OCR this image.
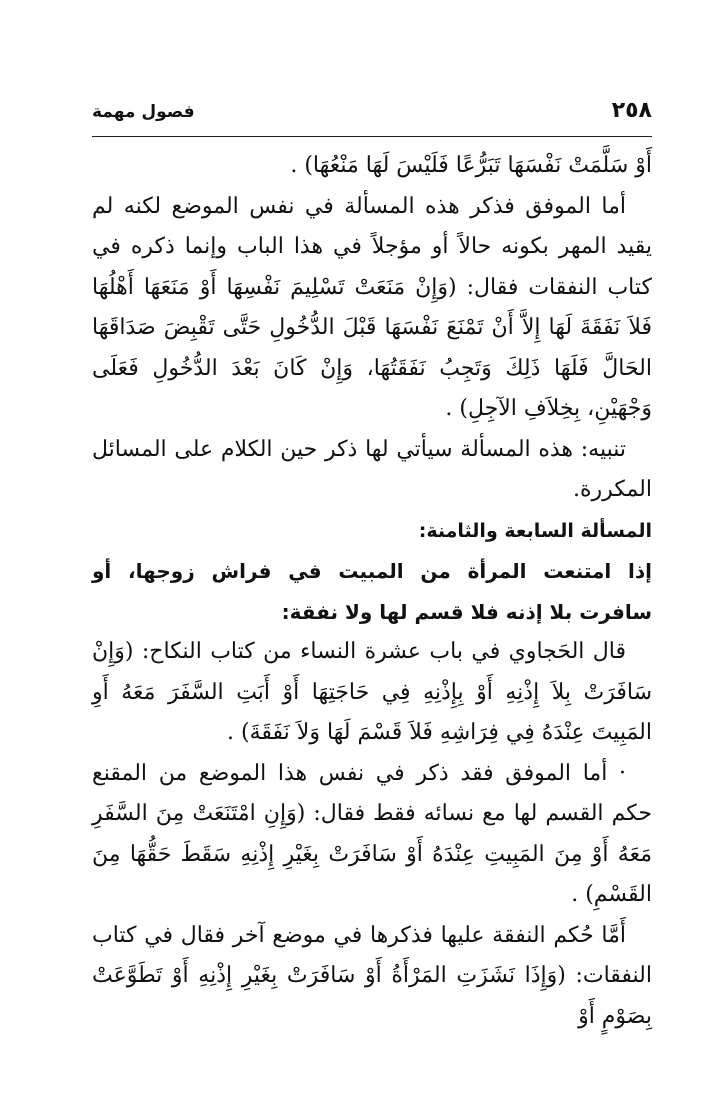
فصول مهمة	٢٥٨

أَوْ سَلَّمَتْ نَفْسَهَا تَبَرُّعًا فَلَيْسَ لَهَا مَنْعُهَا) .

أما الموفق فذكر هذه المسألة في نفس الموضع لكنه لم يقيد المهر بكونه حالاً أو مؤجلاً في هذا الباب وإنما ذكره في كتاب النفقات فقال: (وَإِنْ مَنَعَتْ تَسْلِيمَ نَفْسِهَا أَوْ مَنَعَهَا أَهْلُهَا فَلاَ نَفَقَةَ لَهَا إِلاَّ أَنْ تَمْنَعَ نَفْسَهَا قَبْلَ الدُّخُولِ حَتَّى تَقْبِضَ صَدَاقَهَا الحَالَّ فَلَهَا ذَلِكَ وَتَجِبُ نَفَقَتُهَا، وَإِنْ كَانَ بَعْدَ الدُّخُولِ فَعَلَى وَجْهَيْنِ، بِخِلاَفِ الآجِلِ) .

تنبيه: هذه المسألة سيأتي لها ذكر حين الكلام على المسائل المكررة.

المسألة السابعة والثامنة:

إذا امتنعت المرأة من المبيت في فراش زوجها، أو سافرت بلا إذنه فلا قسم لها ولا نفقة:

قال الحَجاوي في باب عشرة النساء من كتاب النكاح: (وَإِنْ سَافَرَتْ بِلاَ إِذْنِهِ أَوْ بِإِذْنِهِ فِي حَاجَتِهَا أَوْ أَبَتِ السَّفَرَ مَعَهُ أَوِ المَبِيتَ عِنْدَهُ فِي فِرَاشِهِ فَلاَ قَسْمَ لَهَا وَلاَ نَفَقَةَ) .

· أما الموفق فقد ذكر في نفس هذا الموضع من المقنع حكم القسم لها مع نسائه فقط فقال: (وَإِنِ امْتَنَعَتْ مِنَ السَّفَرِ مَعَهُ أَوْ مِنَ المَبِيتِ عِنْدَهُ أَوْ سَافَرَتْ بِغَيْرِ إِذْنِهِ سَقَطَ حَقُّهَا مِنَ القَسْمِ) .

أَمَّا حُكم النفقة عليها فذكرها في موضع آخر فقال في كتاب النفقات: (وَإِذَا نَشَزَتِ المَرْأَةُ أَوْ سَافَرَتْ بِغَيْرِ إِذْنِهِ أَوْ تَطَوَّعَتْ بِصَوْمٍ أَوْ
